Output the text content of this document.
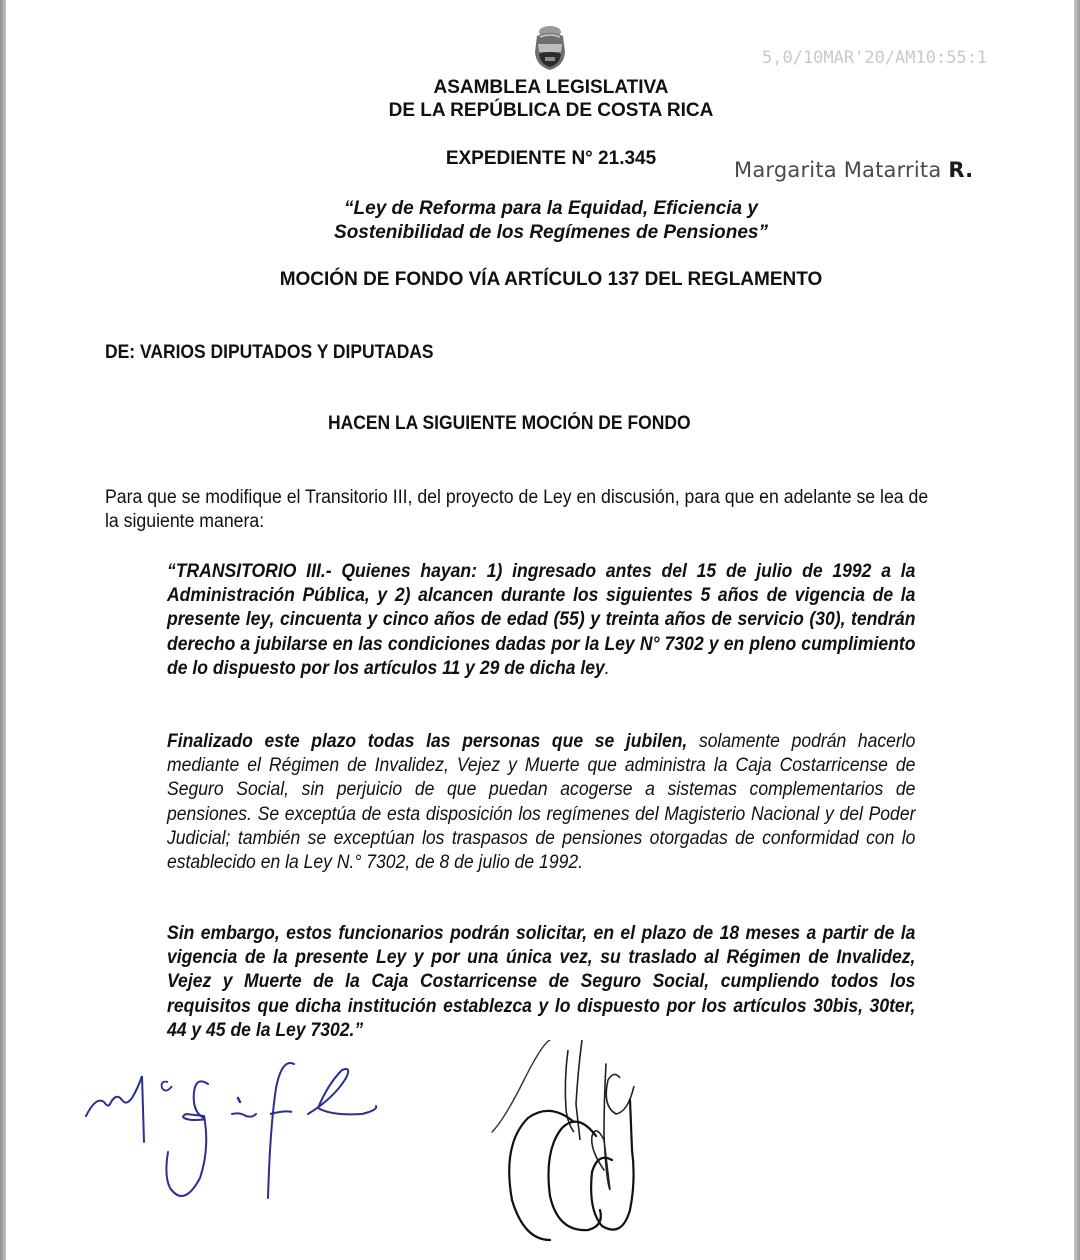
5,0/10MAR'20/AM10:55:1
Margarita Matarrita R.
ASAMBLEA LEGISLATIVA
DE LA REPÚBLICA DE COSTA RICA
EXPEDIENTE N° 21.345
“Ley de Reforma para la Equidad, Eficiencia y
Sostenibilidad de los Regímenes de Pensiones”
MOCIÓN DE FONDO VÍA ARTÍCULO 137 DEL REGLAMENTO
DE: VARIOS DIPUTADOS Y DIPUTADAS
HACEN LA SIGUIENTE MOCIÓN DE FONDO
Para que se modifique el Transitorio III, del proyecto de Ley en discusión, para que en adelante se lea de la siguiente manera:
“TRANSITORIO III.- Quienes hayan: 1) ingresado antes del 15 de julio de 1992 a la Administración Pública, y 2) alcancen durante los siguientes 5 años de vigencia de la presente ley, cincuenta y cinco años de edad (55) y treinta años de servicio (30), tendrán derecho a jubilarse en las condiciones dadas por la Ley N° 7302 y en pleno cumplimiento de lo dispuesto por los artículos 11 y 29 de dicha ley.
Finalizado este plazo todas las personas que se jubilen, solamente podrán hacerlo mediante el Régimen de Invalidez, Vejez y Muerte que administra la Caja Costarricense de Seguro Social, sin perjuicio de que puedan acogerse a sistemas complementarios de pensiones. Se exceptúa de esta disposición los regímenes del Magisterio Nacional y del Poder Judicial; también se exceptúan los traspasos de pensiones otorgadas de conformidad con lo establecido en la Ley N.° 7302, de 8 de julio de 1992.
Sin embargo, estos funcionarios podrán solicitar, en el plazo de 18 meses a partir de la vigencia de la presente Ley y por una única vez, su traslado al Régimen de Invalidez, Vejez y Muerte de la Caja Costarricense de Seguro Social, cumpliendo todos los requisitos que dicha institución establezca y lo dispuesto por los artículos 30bis, 30ter, 44 y 45 de la Ley 7302.”
